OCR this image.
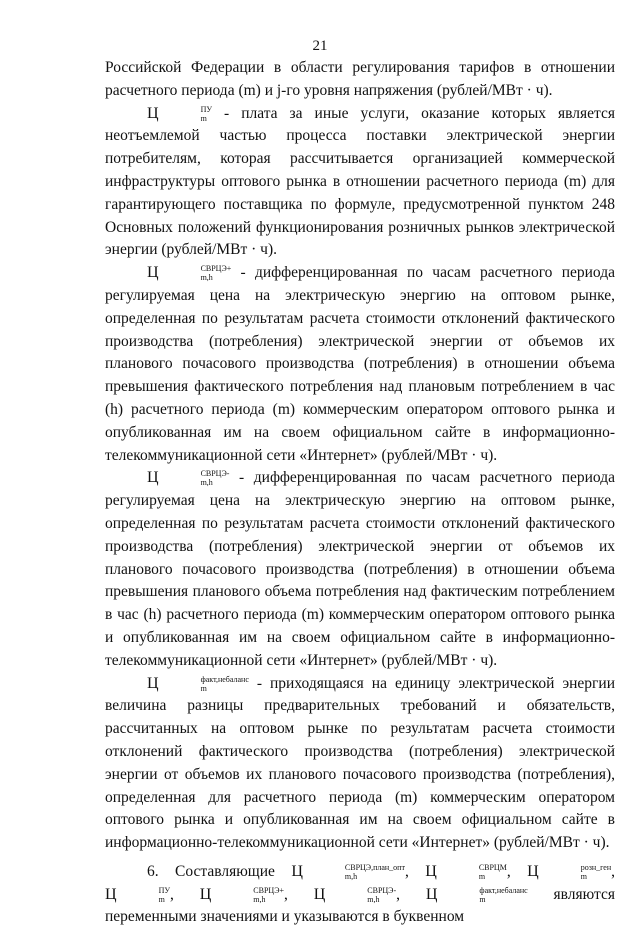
21

Российской Федерации в области регулирования тарифов в отношении расчетного периода (m) и j-го уровня напряжения (рублей/МВт · ч).

Ц	ПУ
m - плата за иные услуги, оказание которых является неотъемлемой частью процесса поставки электрической энергии потребителям, которая рассчитывается организацией коммерческой инфраструктуры оптового рынка в отношении расчетного периода (m) для гарантирующего поставщика по формуле, предусмотренной пунктом 248 Основных положений функционирования розничных рынков электрической энергии (рублей/МВт · ч).

Ц	СВРЦЭ+
m,h	- дифференцированная по часам расчетного периода регулируемая цена на электрическую энергию на оптовом рынке, определенная по результатам расчета стоимости отклонений фактического производства (потребления) электрической энергии от объемов их планового почасового производства (потребления) в отношении объема превышения фактического потребления над плановым потреблением в час (h) расчетного периода (m) коммерческим оператором оптового рынка и опубликованная им на своем официальном сайте в информационно-телекоммуникационной сети «Интернет» (рублей/МВт · ч).

Ц	СВРЦЭ-
m,h	- дифференцированная по часам расчетного периода регулируемая цена на электрическую энергию на оптовом рынке, определенная по результатам расчета стоимости отклонений фактического производства (потребления) электрической энергии от объемов их планового почасового производства (потребления) в отношении объема превышения планового объема потребления над фактическим потреблением в час (h) расчетного периода (m) коммерческим оператором оптового рынка и опубликованная им на своем официальном сайте в информационно-телекоммуникационной сети «Интернет» (рублей/МВт · ч).

Ц	факт,небаланс
m	- приходящаяся на единицу электрической энергии величина разницы предварительных требований и обязательств, рассчитанных на оптовом рынке по результатам расчета стоимости отклонений фактического производства (потребления) электрической энергии от объемов их планового почасового производства (потребления), определенная для расчетного периода (m) коммерческим оператором оптового рынка и опубликованная им на своем официальном сайте в информационно-телекоммуникационной сети «Интернет» (рублей/МВт · ч).

6. Составляющие Ц	СВРЦЭ,план_опт
m,h	, Ц	СВРЦМ
m	, Ц	розн_ген
m	, Ц	ПУ
m , Ц	СВРЦЭ+
m,h	, Ц	СВРЦЭ-
m,h	, Ц	факт,небаланс
m	являются переменными значениями и указываются в буквенном
